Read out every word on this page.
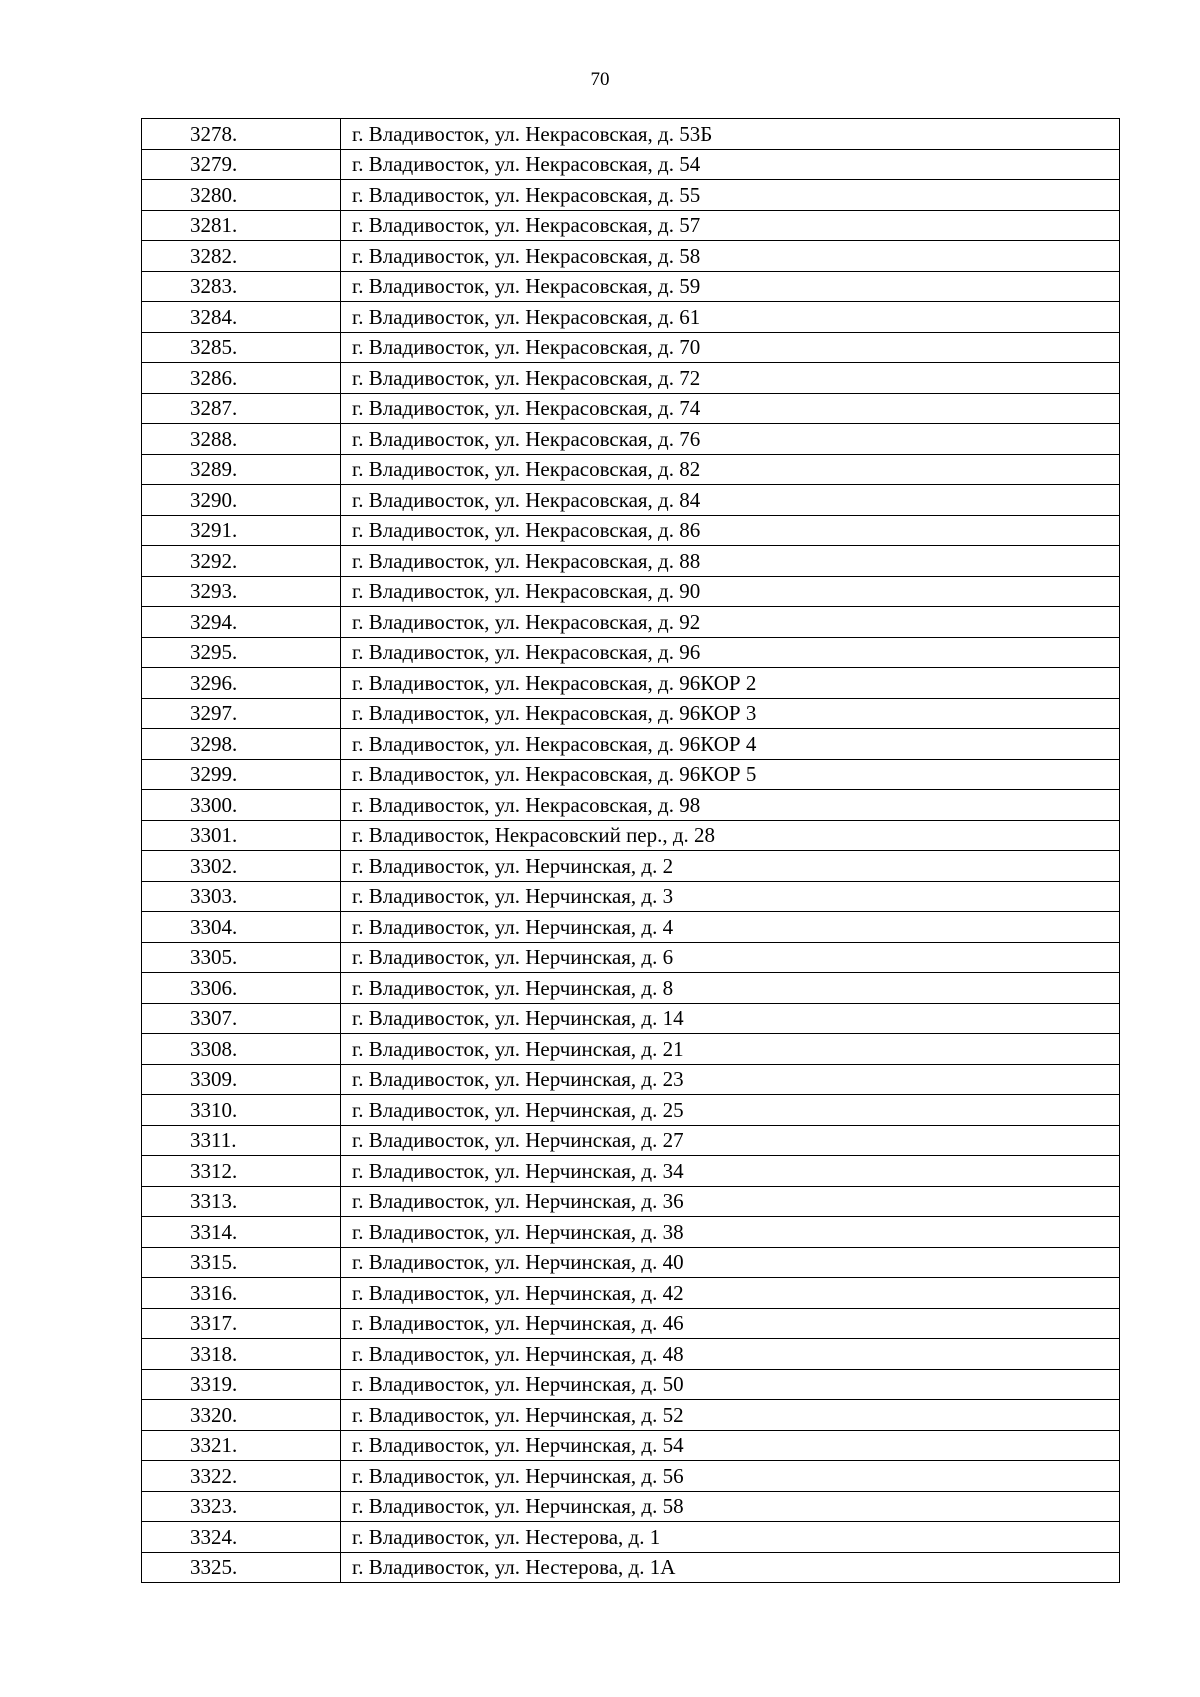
70
3278.	г. Владивосток, ул. Некрасовская, д. 53Б
3279.	г. Владивосток, ул. Некрасовская, д. 54
3280.	г. Владивосток, ул. Некрасовская, д. 55
3281.	г. Владивосток, ул. Некрасовская, д. 57
3282.	г. Владивосток, ул. Некрасовская, д. 58
3283.	г. Владивосток, ул. Некрасовская, д. 59
3284.	г. Владивосток, ул. Некрасовская, д. 61
3285.	г. Владивосток, ул. Некрасовская, д. 70
3286.	г. Владивосток, ул. Некрасовская, д. 72
3287.	г. Владивосток, ул. Некрасовская, д. 74
3288.	г. Владивосток, ул. Некрасовская, д. 76
3289.	г. Владивосток, ул. Некрасовская, д. 82
3290.	г. Владивосток, ул. Некрасовская, д. 84
3291.	г. Владивосток, ул. Некрасовская, д. 86
3292.	г. Владивосток, ул. Некрасовская, д. 88
3293.	г. Владивосток, ул. Некрасовская, д. 90
3294.	г. Владивосток, ул. Некрасовская, д. 92
3295.	г. Владивосток, ул. Некрасовская, д. 96
3296.	г. Владивосток, ул. Некрасовская, д. 96КОР 2
3297.	г. Владивосток, ул. Некрасовская, д. 96КОР 3
3298.	г. Владивосток, ул. Некрасовская, д. 96КОР 4
3299.	г. Владивосток, ул. Некрасовская, д. 96КОР 5
3300.	г. Владивосток, ул. Некрасовская, д. 98
3301.	г. Владивосток, Некрасовский пер., д. 28
3302.	г. Владивосток, ул. Нерчинская, д. 2
3303.	г. Владивосток, ул. Нерчинская, д. 3
3304.	г. Владивосток, ул. Нерчинская, д. 4
3305.	г. Владивосток, ул. Нерчинская, д. 6
3306.	г. Владивосток, ул. Нерчинская, д. 8
3307.	г. Владивосток, ул. Нерчинская, д. 14
3308.	г. Владивосток, ул. Нерчинская, д. 21
3309.	г. Владивосток, ул. Нерчинская, д. 23
3310.	г. Владивосток, ул. Нерчинская, д. 25
3311.	г. Владивосток, ул. Нерчинская, д. 27
3312.	г. Владивосток, ул. Нерчинская, д. 34
3313.	г. Владивосток, ул. Нерчинская, д. 36
3314.	г. Владивосток, ул. Нерчинская, д. 38
3315.	г. Владивосток, ул. Нерчинская, д. 40
3316.	г. Владивосток, ул. Нерчинская, д. 42
3317.	г. Владивосток, ул. Нерчинская, д. 46
3318.	г. Владивосток, ул. Нерчинская, д. 48
3319.	г. Владивосток, ул. Нерчинская, д. 50
3320.	г. Владивосток, ул. Нерчинская, д. 52
3321.	г. Владивосток, ул. Нерчинская, д. 54
3322.	г. Владивосток, ул. Нерчинская, д. 56
3323.	г. Владивосток, ул. Нерчинская, д. 58
3324.	г. Владивосток, ул. Нестерова, д. 1
3325.	г. Владивосток, ул. Нестерова, д. 1А
